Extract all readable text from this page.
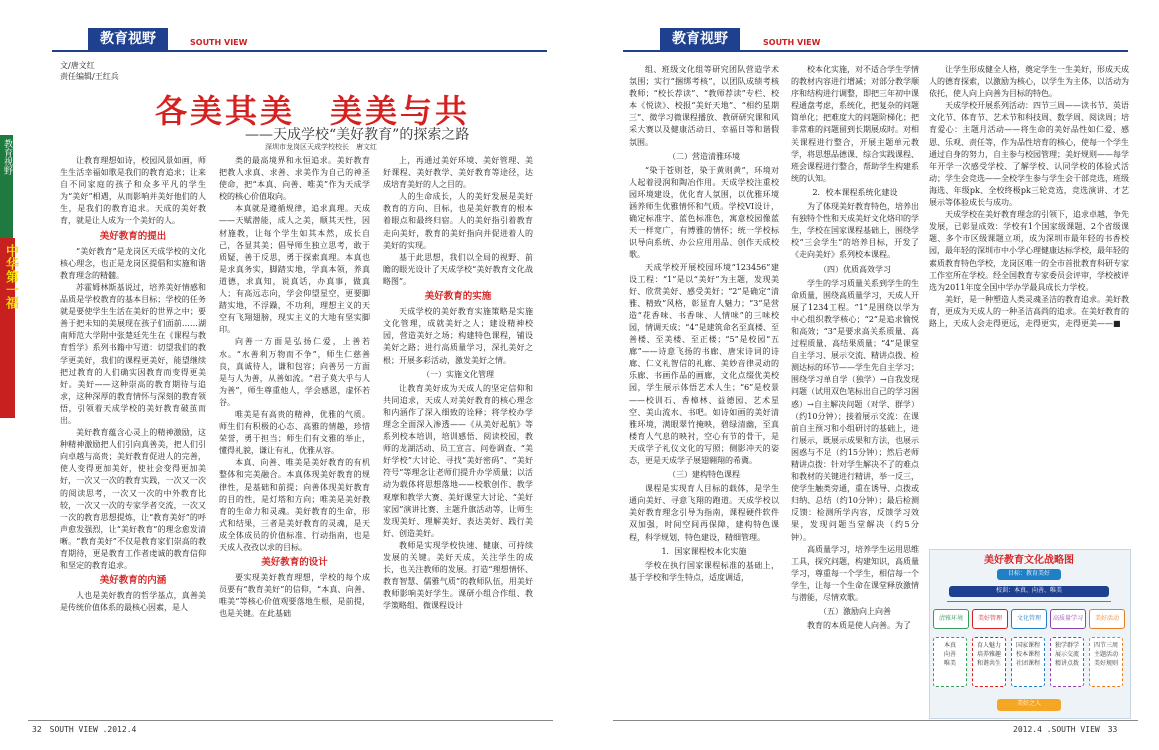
教育视野	SOUTH VIEW
文/唐文红
责任编辑/王红兵
各美其美　美美与共
——天成学校“美好教育”的探索之路
深圳市龙岗区天成学校校长　唐文红

让教育理想如诗，校园风景如画，师生生活幸福如歌是我们的教育追求；让来自不同家庭的孩子和众多平凡的学生为“美好”相遇，从而影响并美好他们的人生，是我们的教育追求。天成的美好教育，就是让人成为一个美好的人。

美好教育的提出

“美好教育”是龙岗区天成学校的文化核心理念，也正是龙岗区提倡和实施和谐教育理念的精髓。

苏霍姆林斯基说过，培养美好情感和品质是学校教育的基本目标；学校的任务就是要使学生生活在美好的世界之中；要善于把未知的美展现在孩子们面前……湖南师范大学附中张楚廷先生在《课程与教育哲学》系列书籍中写道：切望我们的教学更美好，我们的课程更美好，能望继续把过教育的人们确实因教育而变得更美好。美好——这种崇高的教育期待与追求，这种深厚的教育情怀与深刻的教育领悟，引领着天成学校的美好教育破茧而出。

美好教育蕴含心灵上的精神激励，这种精神激励把人们引向真善美，把人们引向卓越与高贵；美好教育促进人的完善，使人变得更加美好，使社会变得更加美好，一次又一次的教育实践，一次又一次的阅读思考，一次又一次的中外教育比较，一次又一次的专家学者交流，一次又一次的教育思想提炼，让“教育美好”的呼声愈发强烈，让“美好教育”的理念愈发清晰。“教育美好”不仅是教育家们崇高的教育期待，更是教育工作者虔诚的教育信仰和坚定的教育追求。

美好教育的内涵

人也是美好教育的哲学基点，真善美是传统价值体系的最核心因素，是人

类的最高境界和永恒追求。美好教育把教人求真、求善、求美作为自己的神圣使命，把“本真、向善、唯美”作为天成学校的核心价值取向。

本真就是遵循规律，追求真理。天成——天赋潜能，成人之美，顺其天性，因材施教，让每个学生如其本然，成长自己，各显其美；倡导师生独立思考，敢于质疑，善于反思，勇于探索真理。本真也是求真务实，脚踏实地，学真本领，养真道德，求真知，说真话，办真事，做真人；有高远志向，学会仰望星空，更要脚踏实地，不浮躁，不功利，理想主义的天空有飞翔翅膀，现实主义的大地有坚实脚印。

向善一方面是弘扬仁爱，上善若水。“水善利万物而不争”，师生仁慈善良，真诚待人，谦和包容；向善另一方面是与人为善，从善如流。“君子莫大乎与人为善”，师生尊重他人，学会感恩，虚怀若谷。

唯美是有高贵的精神，优雅的气质。师生们有积极的心态、高雅的情趣，珍惜荣誉，勇于担当；师生们有文雅的举止，懂得礼貌，谦让有礼，优雅从容。

本真、向善、唯美是美好教育的有机整体和完美融合。本真体现美好教育的规律性，是基础和前提；向善体现美好教育的目的性，是灯塔和方向；唯美是美好教育的生命力和灵魂。美好教育的生命，形式和结果，三者是美好教育的灵魂，是天成全体成员的价值标准、行动指南，也是天成人孜孜以求的目标。

美好教育的设计

要实现美好教育理想，学校的每个成员要有“教育美好”的信仰，“本真、向善、唯美”等核心价值观要落地生根，是前提，也是关键。在此基础

上，再通过美好环境、美好管理、美好课程、美好教学、美好教育等途径，达成培育美好的人之目的。

人的生命成长，人的美好发展是美好教育的方向、目标，也是美好教育的根本着眼点和最终归宿。人的美好指引着教育走向美好，教育的美好指向并促进着人的美好的实现。

基于此思想，我们以全局的视野、前瞻的眼光设计了天成学校“美好教育文化战略图”。

美好教育的实施

天成学校的美好教育实施策略是实施文化管理，成就美好之人；建设精神校园，营造美好之场；构建特色课程，铺设美好之路；进行高质量学习，深扎美好之根；开展多彩活动，激发美好之情。

（一）实施文化管理

让教育美好成为天成人的坚定信仰和共同追求，天成人对美好教育的核心理念和内涵作了深入细致的诠释；将学校办学理念全面深入渗透——《从美好起航》等系列校本培训，培训感悟、阅读校园，教师的龙湖活动、员工宣言、问卷调查、“美好学校”大讨论、寻找“美好密码”、“美好符号”等理念让老师们提升办学质量；以活动为载体将思想落地——校歌创作、教学观摩和教学大赛、美好课堂大讨论、“美好家园”演讲比赛、主题升旗活动等，让师生发现美好、理解美好、表达美好、践行美好、创造美好。

教师是实现学校快速、健康、可持续发展的关键。美好天成，关注学生的成长，也关注教师的发展。打造“理想情怀、教育智慧、儒雅气质”的教师队伍，用美好教师影响美好学生。课研小组合作组、教学策略组、微课程设计

教育视野
中华第一福
32　SOUTH VIEW .2012.4
教育视野	SOUTH VIEW

组、班级文化组等研究团队营造学术氛围；实行“捆绑考核”，以团队成绩考核教师；“校长荐读”、“教师荐读”专栏、校本《悦读》、校报“美好天地”、“相约星期三”、微学习微课程播放、教研研究课和风采大赛以及健康活动日、幸福日等和谐假氛围。

（二）营造清雅环境

“染于苍则苍，染于黄则黄”，环境对人起着浸润和陶冶作用。天成学校注重校园环境建设，优化育人氛围，以优雅环境涵养师生优雅情怀和气质。学校VI设计，确定标准字、蓝色标准色，寓意校园像蓝天一样宽广，有博雅的情怀；统一学校标识导向系统、办公应用用品、创作天成校歌。

天成学校开展校园环境“123456”建设工程：“1”是以“美好”为主题，发现美好、欣赏美好、感受美好；“2”是确定“清雅、精致”风格，彰显育人魅力；“3”是营造“花香味、书香味、人情味”的三味校园，情调天成；“4”是建筑命名至真楼、至善楼、至美楼、至正楼；“5”是校园“五廊”——诗意飞扬的书廊、唐宋诗词的诗廊、仁义礼智信的礼廊、美妙音律灵动的乐廊、书画作品的画廊，文化点缀优美校园，学生展示体悟艺术人生；“6”是校景——校训石、香樟林、益德园、艺术星空、美山流水、书吧。如诗如画的美好清雅环境，满眼翠竹掩映，碧绿清幽，至真楼育人气息的映衬，空心有节的骨干，是天成学子礼仪文化的写照；侧影冲天的姿态，更是天成学子展翅翱翔的希冀。

（三）建构特色课程

课程是实现育人目标的载体，是学生通向美好、寻意飞翔的跑道。天成学校以美好教育理念引导为指南，课程硬件软件双加强，时间空间再保障，建构特色课程，科学规划，特色建设，精细管理。

1．国家课程校本化实施

学校在执行国家课程标准的基础上，基于学校和学生特点，适度调适，

校本化实施，对不适合学生学情的教材内容进行增减；对部分教学顺序和结构进行调整，即把三年初中课程通盘考虑，系统化，把复杂的问题简单化；把难度大的问题阶梯化；把非常难的问题留到长期展成时。对相关课程进行整合，开展主题单元教学，将思想品德课、综合实践课程、班会课程进行整合，帮助学生构建系统的认知。

2．校本课程系统化建设

为了体现美好教育特色，培养出有独特个性和天成美好文化烙印的学生，学校在国家课程基础上，围绕学校“三会学生”的培养目标，开发了《走向美好》系列校本课程。

（四）优质高效学习

学生的学习质量关系到学生的生命质量，围绕高质量学习，天成人开展了1234工程。“1”是围绕以学为中心组织教学核心；“2”是追求愉悦和高效；“3”是要求高关系质量、高过程质量、高结果质量；“4”是课堂自主学习、展示交流、精讲点拨、检测达标的环节——学生先自主学习；围绕学习单自学（独学）→自我发现问题（试用双色笔标出自己的学习困惑）→自主解决问题（对学、群学）（约10分钟）；接着展示交流：在课前自主预习和小组研讨的基础上，进行展示，既展示成果和方法，也展示困惑与不足（约15分钟）；然后老师精讲点拨：针对学生解决不了的难点和教材的关键进行精讲，举一反三，使学生触类旁通，重在诱导、点拨或归纳、总结（约10分钟）；最后检测反馈：检测所学内容，反馈学习效果，发现问题当堂解决（约5分钟）。

高质量学习，培养学生运用思维工具，探究问题，构建知识，高质量学习，尊重每一个学生，相信每一个学生，让每一个生命在课堂释放激情与潜能，尽情欢歌。

（五）激励向上向善

教育的本质是使人向善。为了

让学生形成健全人格，奠定学生一生美好，形成天成人的德育探索，以激励为核心，以学生为主体，以活动为依托，使人向上向善为目标的特色。

天成学校开展系列活动：四节三周——读书节、英语文化节、体育节、艺术节和科技周、数学周、阅读周；培育爱心：主题月活动——将生命的美好品性如仁爱、感恩、乐观、责任等，作为品性培育的核心，使每一个学生通过自身的努力，自主参与校园管理；美好规则——每学年开学一次感受学校、了解学校、认同学校的体验式活动；学生会竞选——全校学生参与学生会干部竞选，班级海选、年级pk、全校终极pk三轮竞选，竞选演讲、才艺展示等体验成长与成功。

天成学校在美好教育理念的引领下，追求卓越，争先发展，已彰显成效：学校有1个国家级课题、2个省级课题、多个市区级课题立项，成为深圳市最年轻的书香校园，最年轻的深圳市中小学心理健康达标学校，最年轻的素质教育特色学校，龙岗区唯一的全市首批教育科研专家工作室所在学校。经全国教育专家委员会评审，学校被评选为2011年度全国中学办学最具成长力学校。

美好，是一种塑造人类灵魂圣洁的教育追求。美好教育，更成为天成人的一种圣洁高尚的追求。在美好教育的路上，天成人会走得更远，走得更实，走得更美——■

美好教育文化战略图
目标：教育美好
校训：本真、向善、唯美
清雅环境
本真
向善
唯美
美好管理
育人魅力
培养雅趣
和谐共生
文化管理
国家课程
校本课程
社团课程
高质量学习
独学群学
展示交流
精讲点拨
美好活动
四节三周
主题活动
美好规则
美好之人
2012.4 .SOUTH VIEW　33
